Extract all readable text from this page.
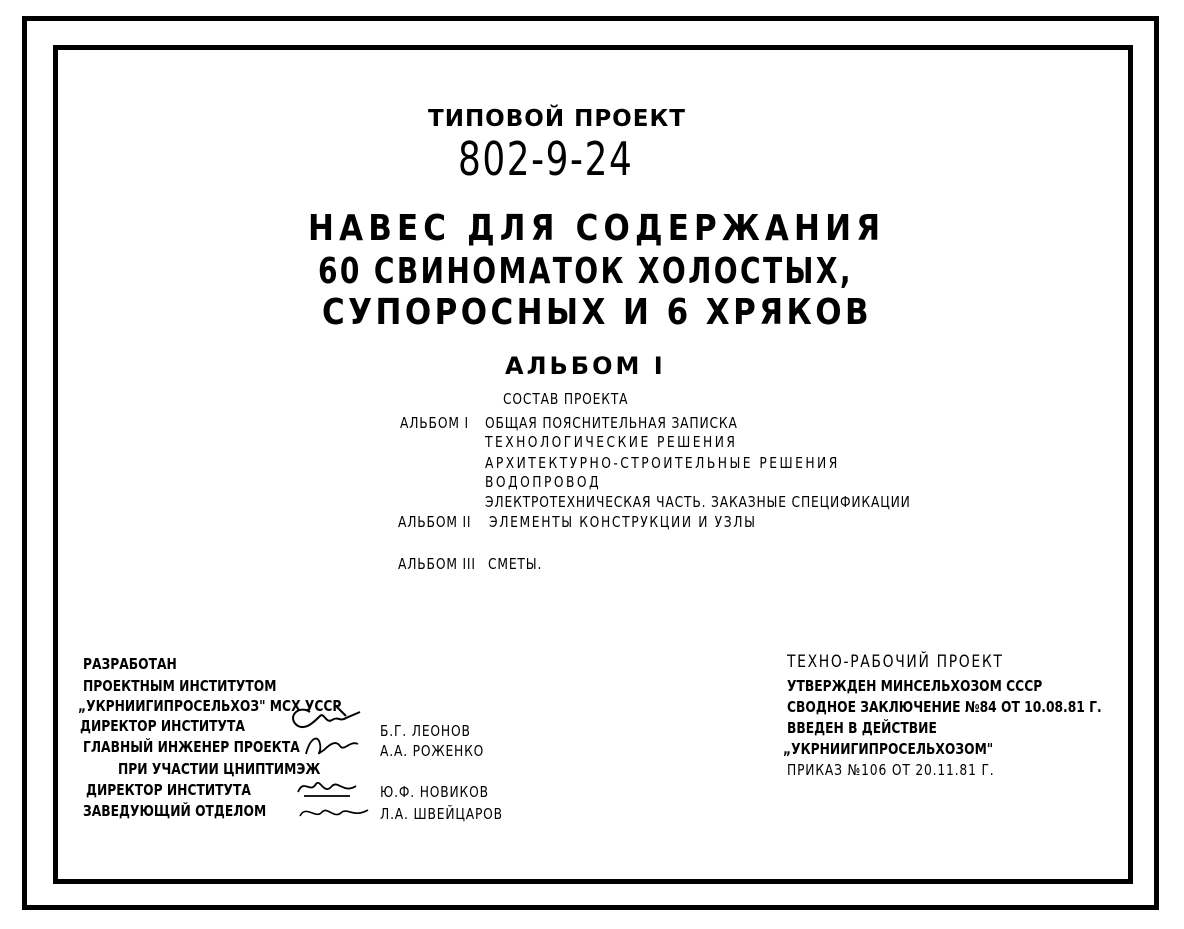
ТИПОВОЙ ПРОЕКТ
802-9-24
НАВЕС ДЛЯ СОДЕРЖАНИЯ
60 СВИНОМАТОК ХОЛОСТЫХ,
СУПОРОСНЫХ И 6 ХРЯКОВ
АЛЬБОМ I
СОСТАВ ПРОЕКТА
АЛЬБОМ I ОБЩАЯ ПОЯСНИТЕЛЬНАЯ ЗАПИСКА
ТЕХНОЛОГИЧЕСКИЕ РЕШЕНИЯ
АРХИТЕКТУРНО-СТРОИТЕЛЬНЫЕ РЕШЕНИЯ
ВОДОПРОВОД
ЭЛЕКТРОТЕХНИЧЕСКАЯ ЧАСТЬ. ЗАКАЗНЫЕ СПЕЦИФИКАЦИИ
АЛЬБОМ II ЭЛЕМЕНТЫ КОНСТРУКЦИИ И УЗЛЫ
АЛЬБОМ III СМЕТЫ.
РАЗРАБОТАН
ПРОЕКТНЫМ ИНСТИТУТОМ
„УКРНИИГИПРОСЕЛЬХОЗ" МСХ УССР
ДИРЕКТОР ИНСТИТУТА	Б.Г. ЛЕОНОВ
ГЛАВНЫЙ ИНЖЕНЕР ПРОЕКТА	А.А. РОЖЕНКО
ПРИ УЧАСТИИ ЦНИПТИМЭЖ
ДИРЕКТОР ИНСТИТУТА	Ю.Ф. НОВИКОВ
ЗАВЕДУЮЩИЙ ОТДЕЛОМ	Л.А. ШВЕЙЦАРОВ
ТЕХНО-РАБОЧИЙ ПРОЕКТ
УТВЕРЖДЕН МИНСЕЛЬХОЗОМ СССР
СВОДНОЕ ЗАКЛЮЧЕНИЕ №84 ОТ 10.08.81 Г.
ВВЕДЕН В ДЕЙСТВИЕ
„УКРНИИГИПРОСЕЛЬХОЗОМ"
ПРИКАЗ №106 ОТ 20.11.81 Г.
